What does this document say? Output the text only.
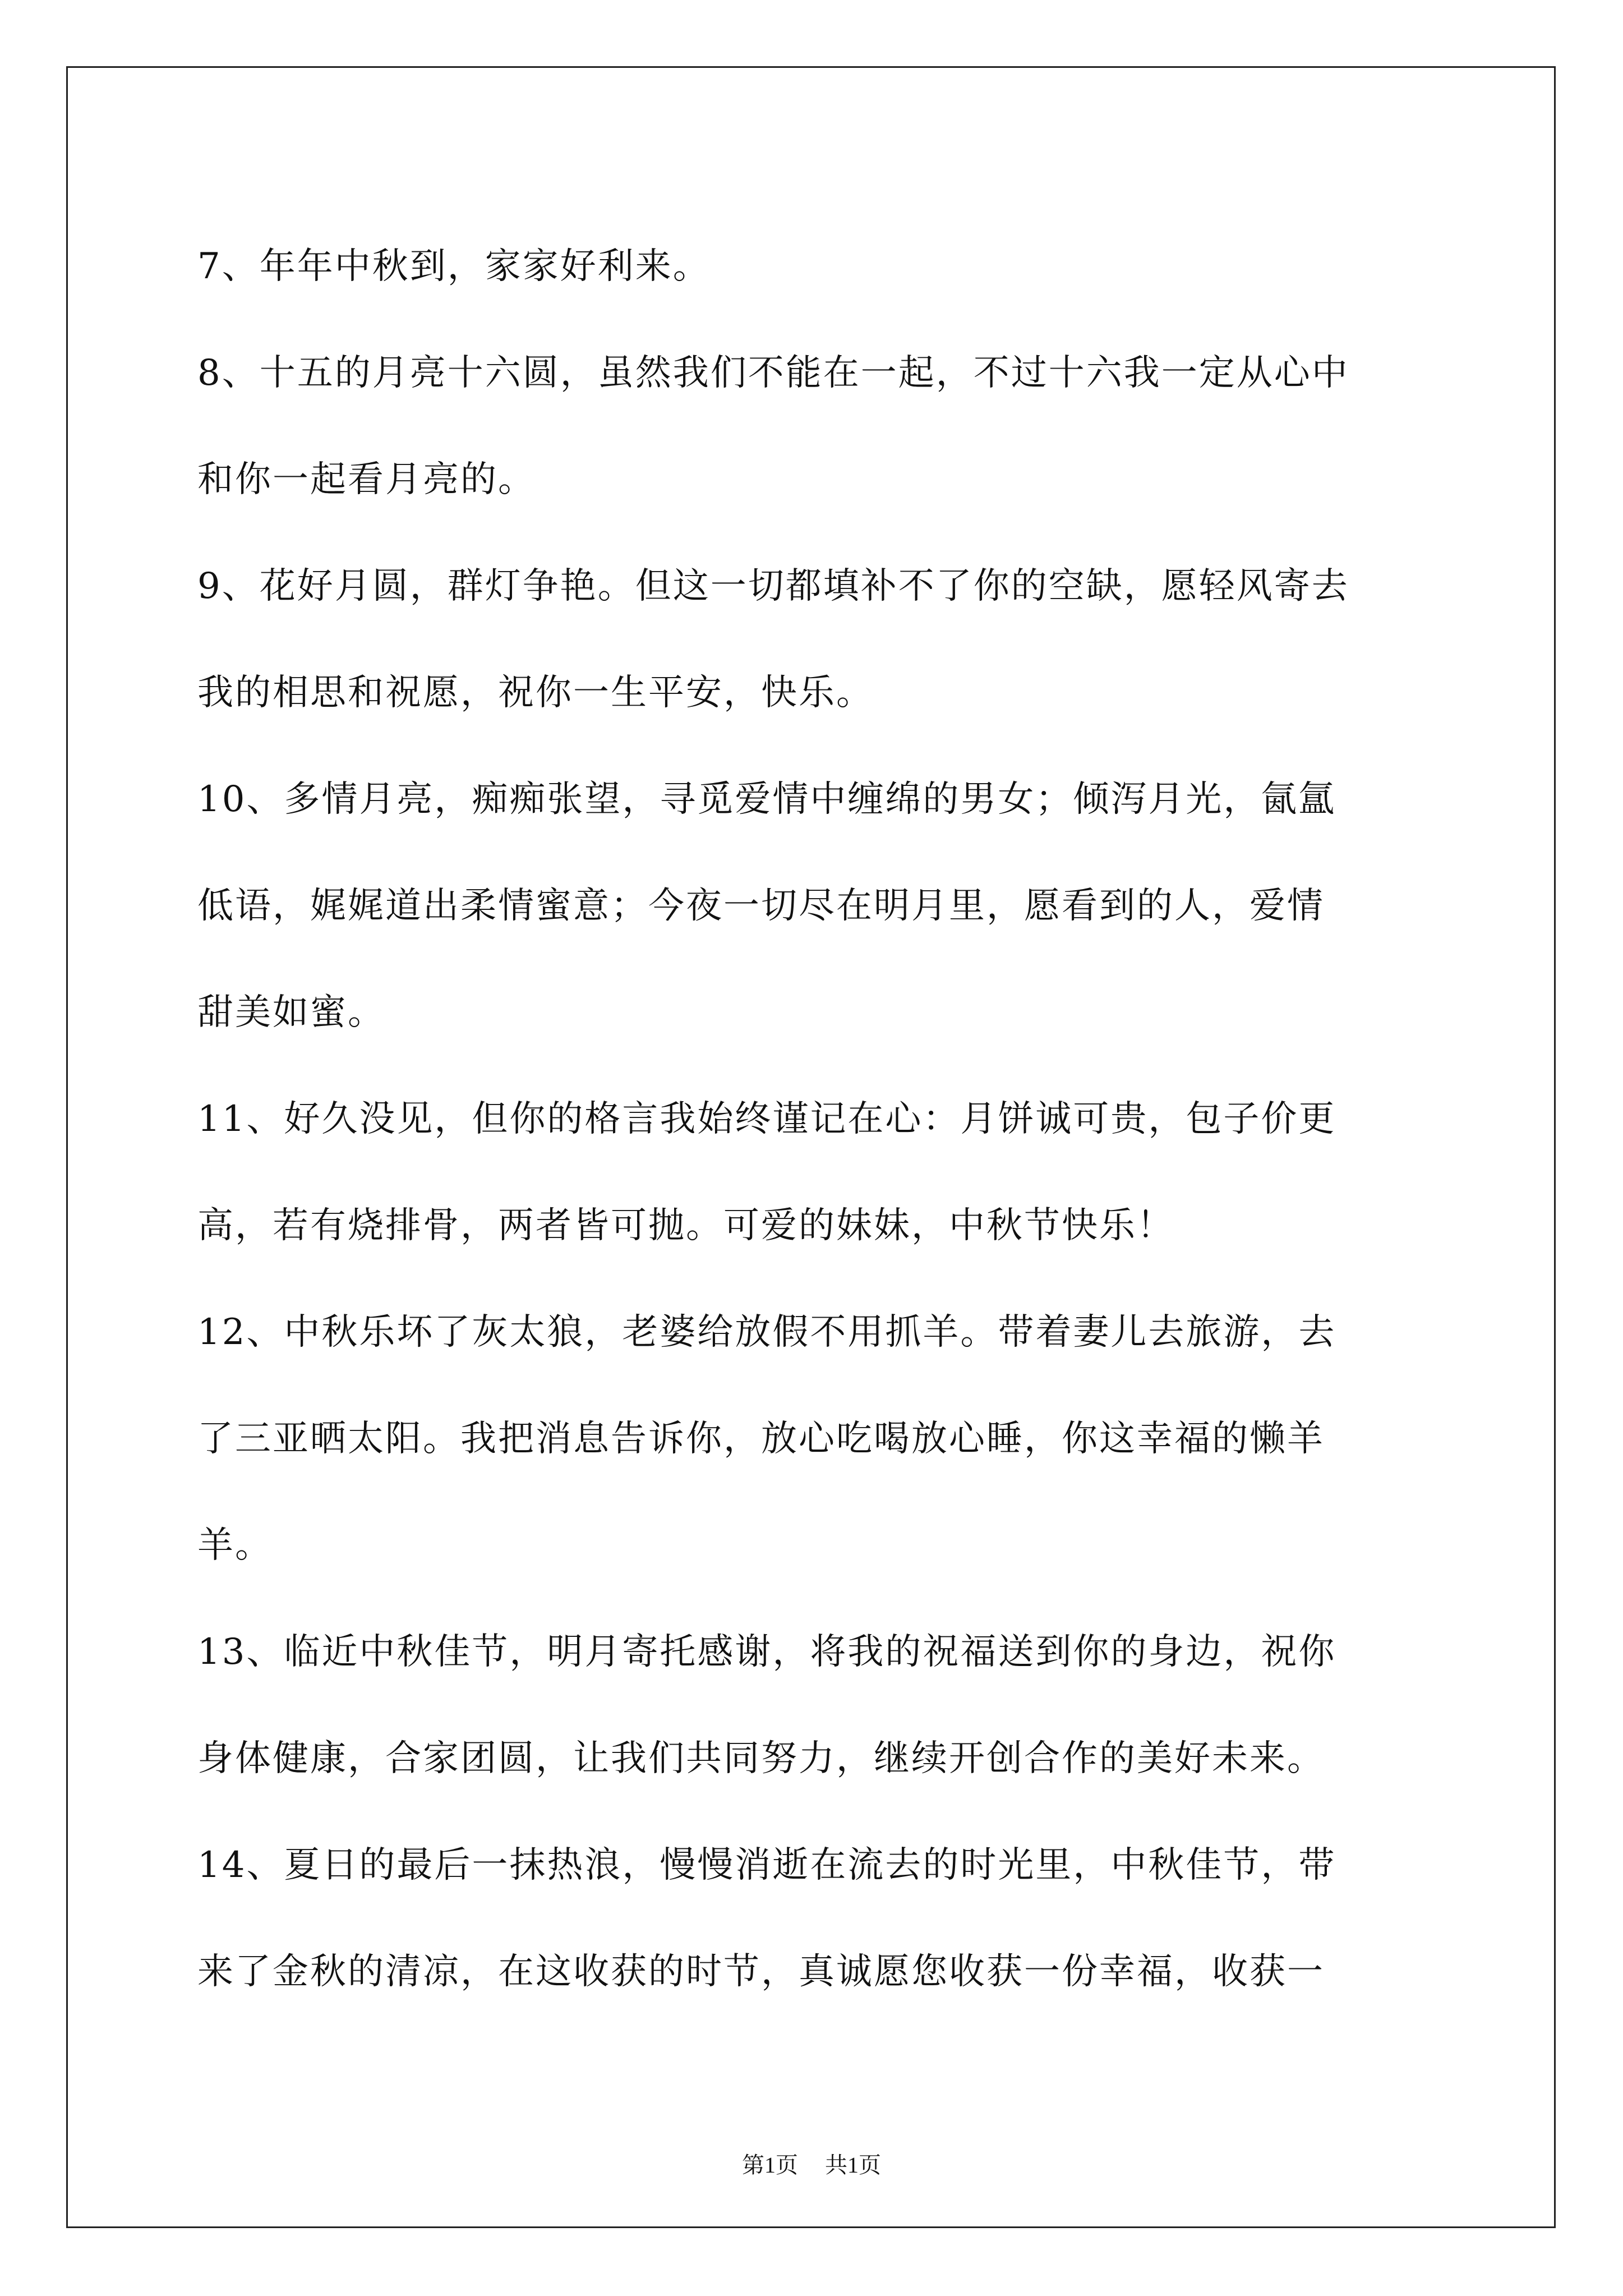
7、年年中秋到，家家好利来。
8、十五的月亮十六圆，虽然我们不能在一起，不过十六我一定从心中
和你一起看月亮的。
9、花好月圆，群灯争艳。但这一切都填补不了你的空缺，愿轻风寄去
我的相思和祝愿，祝你一生平安，快乐。
10、多情月亮，痴痴张望，寻觅爱情中缠绵的男女；倾泻月光，氤氲
低语，娓娓道出柔情蜜意；今夜一切尽在明月里，愿看到的人，爱情
甜美如蜜。
11、好久没见，但你的格言我始终谨记在心：月饼诚可贵，包子价更
高，若有烧排骨，两者皆可抛。可爱的妹妹，中秋节快乐！
12、中秋乐坏了灰太狼，老婆给放假不用抓羊。带着妻儿去旅游，去
了三亚晒太阳。我把消息告诉你，放心吃喝放心睡，你这幸福的懒羊
羊。
13、临近中秋佳节，明月寄托感谢，将我的祝福送到你的身边，祝你
身体健康，合家团圆，让我们共同努力，继续开创合作的美好未来。
14、夏日的最后一抹热浪，慢慢消逝在流去的时光里，中秋佳节，带
来了金秋的清凉，在这收获的时节，真诚愿您收获一份幸福，收获一
第1页 共1页
